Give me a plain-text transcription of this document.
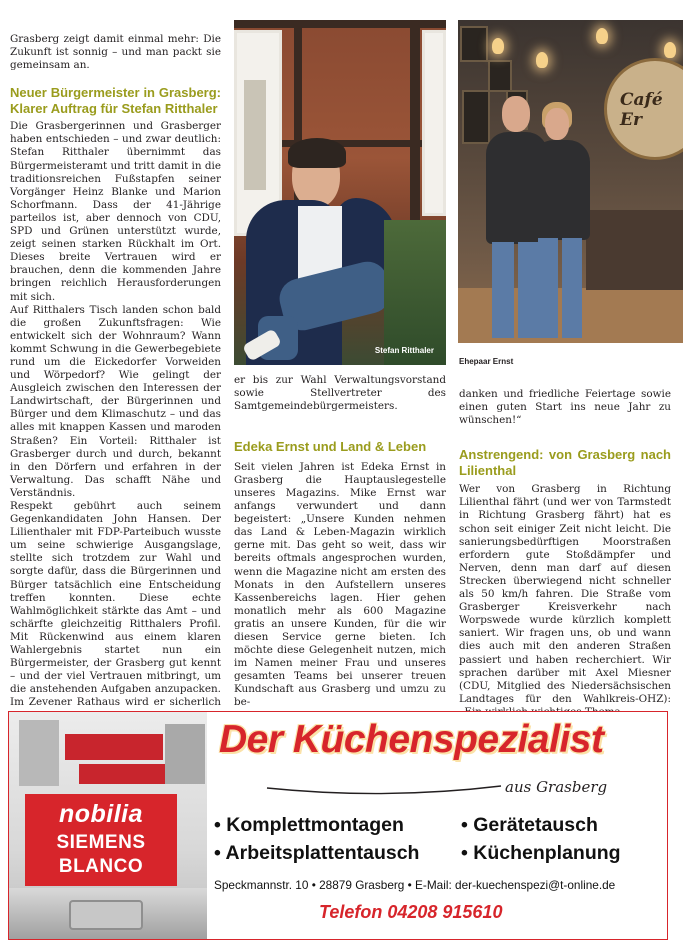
Grasberg zeigt damit einmal mehr: Die Zukunft ist sonnig – und man packt sie gemeinsam an.

Neuer Bürgermeister in Grasberg: Klarer Auftrag für Stefan Ritthaler

Die Grasbergerinnen und Grasberger haben entschieden – und zwar deutlich: Stefan Ritthaler übernimmt das Bürgermeisteramt und tritt damit in die traditionsreichen Fußstapfen seiner Vorgänger Heinz Blanke und Marion Schorfmann. Dass der 41-Jährige parteilos ist, aber dennoch von CDU, SPD und Grünen unterstützt wurde, zeigt seinen starken Rückhalt im Ort. Dieses breite Vertrauen wird er brauchen, denn die kommenden Jahre bringen reichlich Herausforderungen mit sich.

Auf Ritthalers Tisch landen schon bald die großen Zukunftsfragen: Wie entwickelt sich der Wohnraum? Wann kommt Schwung in die Gewerbegebiete rund um die Eickedorfer Vorweiden und Wörpedorf? Wie gelingt der Ausgleich zwischen den Interessen der Landwirtschaft, der Bürgerinnen und Bürger und dem Klimaschutz – und das alles mit knappen Kassen und maroden Straßen? Ein Vorteil: Ritthaler ist Grasberger durch und durch, bekannt in den Dörfern und erfahren in der Verwaltung. Das schafft Nähe und Verständnis.

Respekt gebührt auch seinem Gegenkandidaten John Hansen. Der Lilienthaler mit FDP-Parteibuch wusste um seine schwierige Ausgangslage, stellte sich trotzdem zur Wahl und sorgte dafür, dass die Bürgerinnen und Bürger tatsächlich eine Entscheidung treffen konnten. Diese echte Wahlmöglichkeit stärkte das Amt – und schärfte gleichzeitig Ritthalers Profil. Mit Rückenwind aus einem klaren Wahlergebnis startet nun ein Bürgermeister, der Grasberg gut kennt – und der viel Vertrauen mitbringt, um die anstehenden Aufgaben anzupacken. Im Zevener Rathaus wird er sicherlich

Stefan Ritthaler

er bis zur Wahl Verwaltungsvorstand sowie Stellvertreter des Samtgemeindebürgermeisters.

Edeka Ernst und Land & Leben

Seit vielen Jahren ist Edeka Ernst in Grasberg die Hauptauslegestelle unseres Magazins. Mike Ernst war anfangs verwundert und dann begeistert: „Unsere Kunden nehmen das Land & Leben-Magazin wirklich gerne mit. Das geht so weit, dass wir bereits oftmals angesprochen wurden, wenn die Magazine nicht am ersten des Monats in den Aufstellern unseres Kassenbereichs lagen. Hier gehen monatlich mehr als 600 Magazine gratis an unsere Kunden, für die wir diesen Service gerne bieten. Ich möchte diese Gelegenheit nutzen, mich im Namen meiner Frau und unseres gesamten Teams bei unserer treuen Kundschaft aus Grasberg und umzu zu be-

Café Er
Ehepaar Ernst

danken und friedliche Feiertage sowie einen guten Start ins neue Jahr zu wünschen!“

Anstrengend: von Grasberg nach Lilienthal

Wer von Grasberg in Richtung Lilienthal fährt (und wer von Tarmstedt in Richtung Grasberg fährt) hat es schon seit einiger Zeit nicht leicht. Die sanierungsbedürftigen Moorstraßen erfordern gute Stoßdämpfer und Nerven, denn man darf auf diesen Strecken überwiegend nicht schneller als 50 km/h fahren. Die Straße vom Grasberger Kreisverkehr nach Worpswede wurde kürzlich komplett saniert. Wir fragen uns, ob und wann dies auch mit den anderen Straßen passiert und haben recherchiert. Wir sprachen darüber mit Axel Miesner (CDU, Mitglied des Niedersächsischen Landtages für den Wahlkreis-OHZ):

nobilia
SIEMENS
BLANCO
Der Küchenspezialist
aus Grasberg
• Komplettmontagen	• Gerätetausch
• Arbeitsplattentausch • Küchenplanung
Speckmannstr. 10 • 28879 Grasberg • E-Mail: der-kuechenspezi@t-online.de
Telefon 04208 915610
